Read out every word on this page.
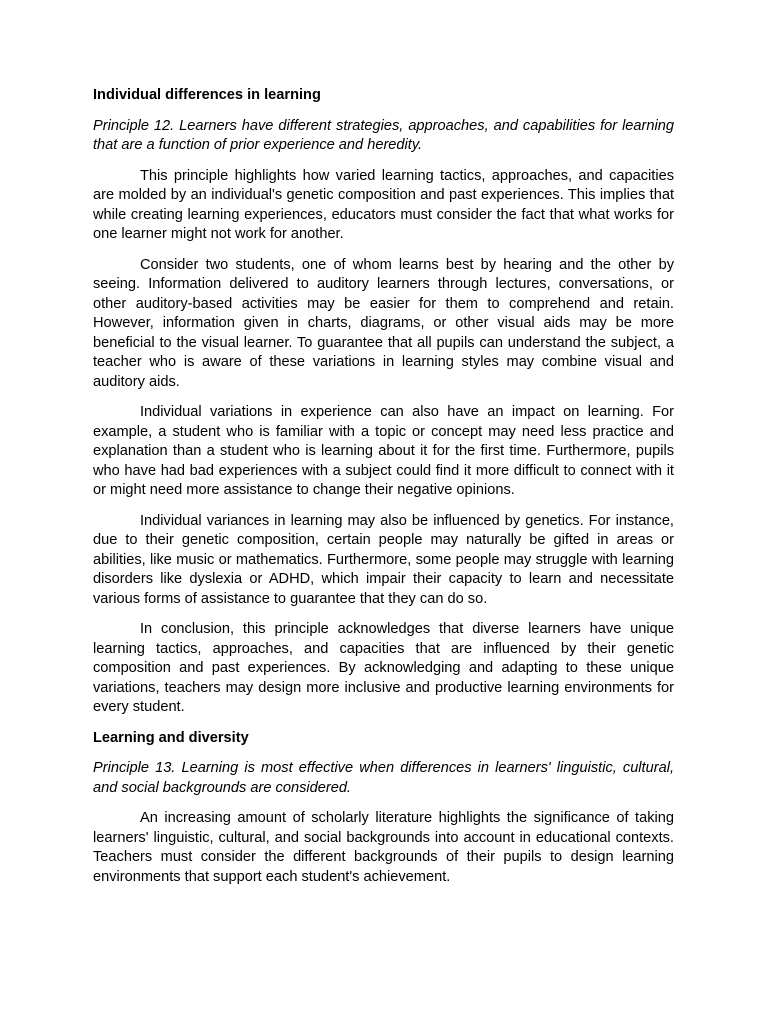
Individual differences in learning

Principle 12. Learners have different strategies, approaches, and capabilities for learning that are a function of prior experience and heredity.

This principle highlights how varied learning tactics, approaches, and capacities are molded by an individual's genetic composition and past experiences. This implies that while creating learning experiences, educators must consider the fact that what works for one learner might not work for another.

Consider two students, one of whom learns best by hearing and the other by seeing. Information delivered to auditory learners through lectures, conversations, or other auditory-based activities may be easier for them to comprehend and retain. However, information given in charts, diagrams, or other visual aids may be more beneficial to the visual learner. To guarantee that all pupils can understand the subject, a teacher who is aware of these variations in learning styles may combine visual and auditory aids.

Individual variations in experience can also have an impact on learning. For example, a student who is familiar with a topic or concept may need less practice and explanation than a student who is learning about it for the first time. Furthermore, pupils who have had bad experiences with a subject could find it more difficult to connect with it or might need more assistance to change their negative opinions.

Individual variances in learning may also be influenced by genetics. For instance, due to their genetic composition, certain people may naturally be gifted in areas or abilities, like music or mathematics. Furthermore, some people may struggle with learning disorders like dyslexia or ADHD, which impair their capacity to learn and necessitate various forms of assistance to guarantee that they can do so.

In conclusion, this principle acknowledges that diverse learners have unique learning tactics, approaches, and capacities that are influenced by their genetic composition and past experiences. By acknowledging and adapting to these unique variations, teachers may design more inclusive and productive learning environments for every student.

Learning and diversity

Principle 13. Learning is most effective when differences in learners' linguistic, cultural, and social backgrounds are considered.

An increasing amount of scholarly literature highlights the significance of taking learners' linguistic, cultural, and social backgrounds into account in educational contexts. Teachers must consider the different backgrounds of their pupils to design learning environments that support each student's achievement.
